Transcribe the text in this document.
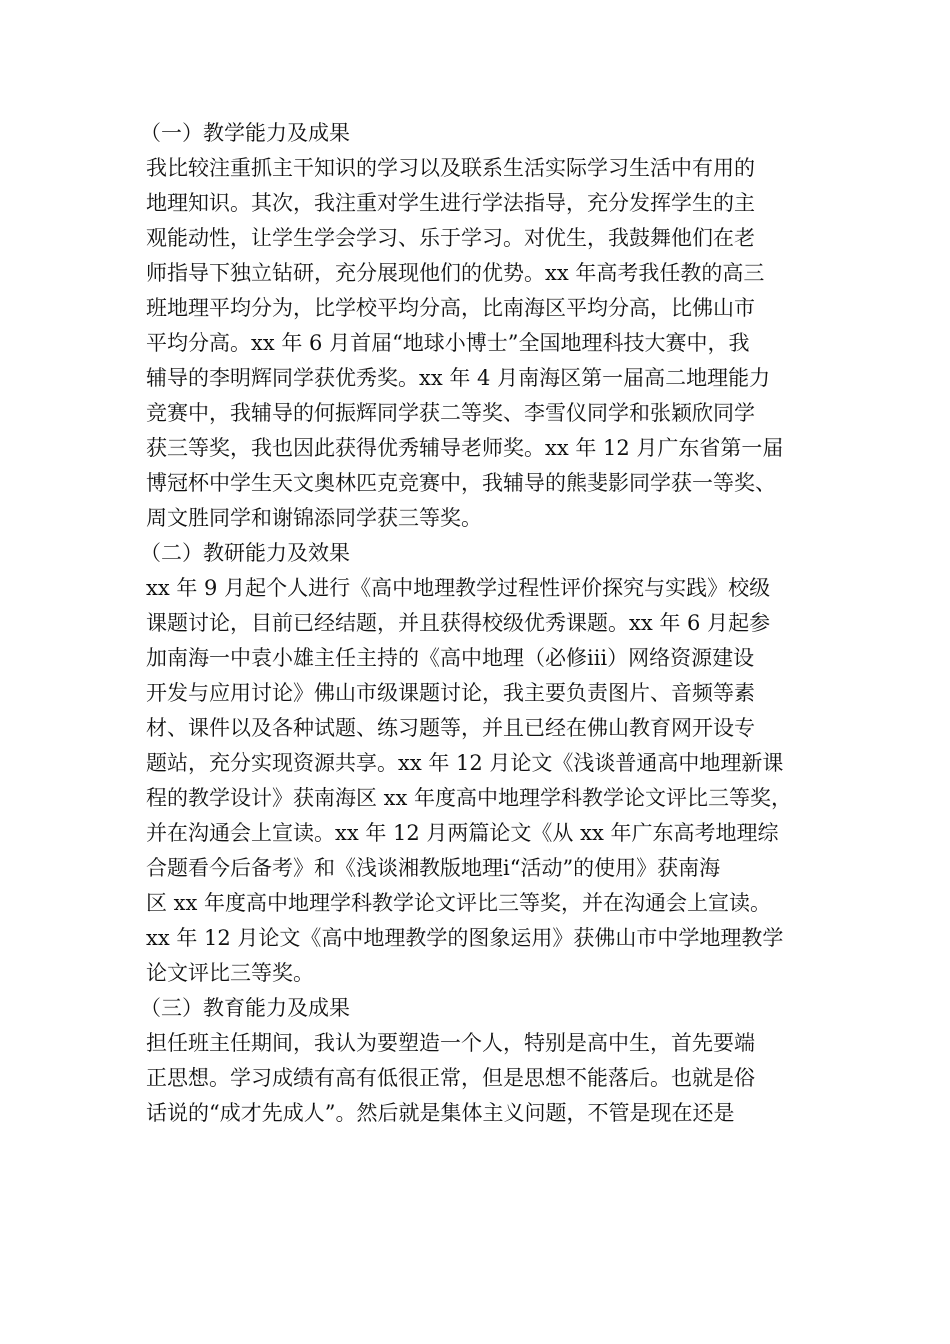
（一）教学能力及成果
我比较注重抓主干知识的学习以及联系生活实际学习生活中有用的
地理知识。其次，我注重对学生进行学法指导，充分发挥学生的主
观能动性，让学生学会学习、乐于学习。对优生，我鼓舞他们在老
师指导下独立钻研，充分展现他们的优势。xx 年高考我任教的高三
班地理平均分为，比学校平均分高，比南海区平均分高，比佛山市
平均分高。xx 年 6 月首届“地球小博士”全国地理科技大赛中，我
辅导的李明辉同学获优秀奖。xx 年 4 月南海区第一届高二地理能力
竞赛中，我辅导的何振辉同学获二等奖、李雪仪同学和张颖欣同学
获三等奖，我也因此获得优秀辅导老师奖。xx 年 12 月广东省第一届
博冠杯中学生天文奥林匹克竞赛中，我辅导的熊斐影同学获一等奖、
周文胜同学和谢锦添同学获三等奖。
（二）教研能力及效果
xx 年 9 月起个人进行《高中地理教学过程性评价探究与实践》校级
课题讨论，目前已经结题，并且获得校级优秀课题。xx 年 6 月起参
加南海一中袁小雄主任主持的《高中地理（必修ⅲ）网络资源建设
开发与应用讨论》佛山市级课题讨论，我主要负责图片、音频等素
材、课件以及各种试题、练习题等，并且已经在佛山教育网开设专
题站，充分实现资源共享。xx 年 12 月论文《浅谈普通高中地理新课
程的教学设计》获南海区 xx 年度高中地理学科教学论文评比三等奖，
并在沟通会上宣读。xx 年 12 月两篇论文《从 xx 年广东高考地理综
合题看今后备考》和《浅谈湘教版地理ⅰ“活动”的使用》获南海
区 xx 年度高中地理学科教学论文评比三等奖，并在沟通会上宣读。
xx 年 12 月论文《高中地理教学的图象运用》获佛山市中学地理教学
论文评比三等奖。
（三）教育能力及成果
担任班主任期间，我认为要塑造一个人，特别是高中生，首先要端
正思想。学习成绩有高有低很正常，但是思想不能落后。也就是俗
话说的“成才先成人”。然后就是集体主义问题，不管是现在还是
